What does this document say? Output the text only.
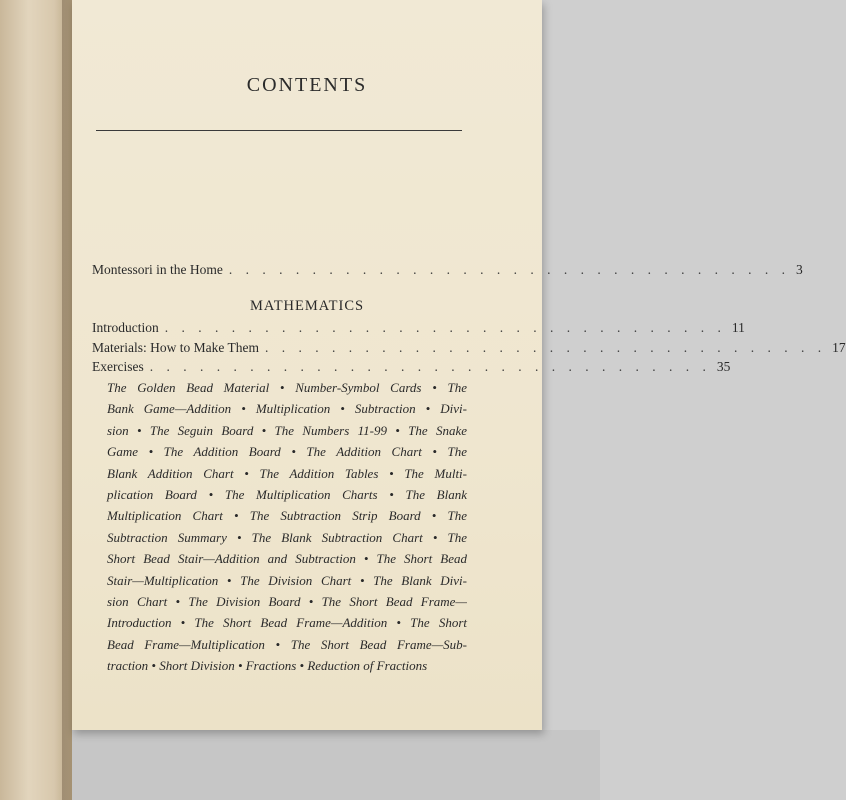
CONTENTS
Montessori in the Home . . . . . . . . . . . . . . . . . . . . . . . . . . . . . . . . . . 3
MATHEMATICS
Introduction . . . . . . . . . . . . . . . . . . . . . . . . . . . . . . . . . . 11
Materials: How to Make Them . . . . . . . . . . . . . . . . . . . . . . . . . . . . . . . . . . 17
Exercises . . . . . . . . . . . . . . . . . . . . . . . . . . . . . . . . . . 35

The Golden Bead Material • Number-Symbol Cards • The
Bank Game—Addition • Multiplication • Subtraction • Divi-
sion • The Seguin Board • The Numbers 11-99 • The Snake
Game • The Addition Board • The Addition Chart • The
Blank Addition Chart • The Addition Tables • The Multi-
plication Board • The Multiplication Charts • The Blank
Multiplication Chart • The Subtraction Strip Board • The
Subtraction Summary • The Blank Subtraction Chart • The
Short Bead Stair—Addition and Subtraction • The Short Bead
Stair—Multiplication • The Division Chart • The Blank Divi-
sion Chart • The Division Board • The Short Bead Frame—
Introduction • The Short Bead Frame—Addition • The Short
Bead Frame—Multiplication • The Short Bead Frame—Sub-
traction • Short Division • Fractions • Reduction of Fractions
